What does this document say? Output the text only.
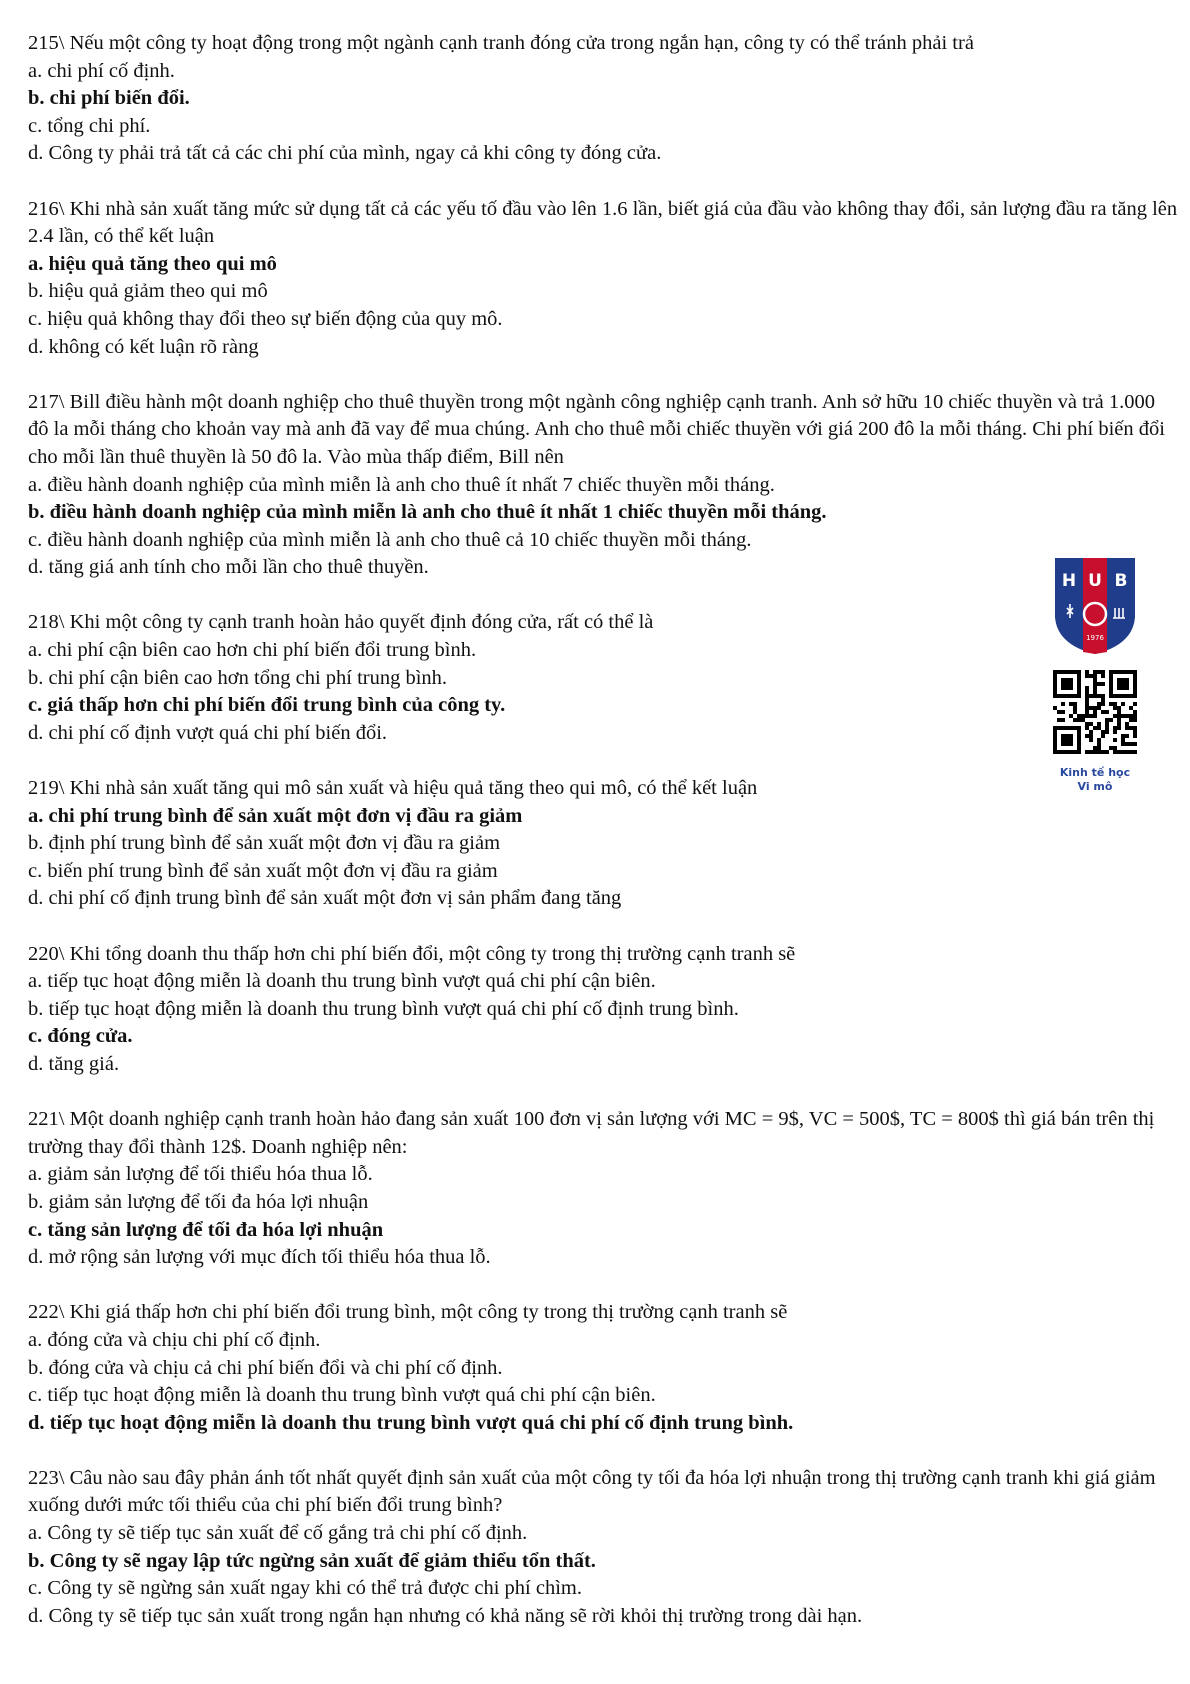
215\ Nếu một công ty hoạt động trong một ngành cạnh tranh đóng cửa trong ngắn hạn, công ty có thể tránh phải trả

a. chi phí cố định.

b. chi phí biến đổi.

c. tổng chi phí.

d. Công ty phải trả tất cả các chi phí của mình, ngay cả khi công ty đóng cửa.

216\ Khi nhà sản xuất tăng mức sử dụng tất cả các yếu tố đầu vào lên 1.6 lần, biết giá của đầu vào không thay đổi, sản lượng đầu ra tăng lên 2.4 lần, có thể kết luận

a. hiệu quả tăng theo qui mô

b. hiệu quả giảm theo qui mô

c. hiệu quả không thay đổi theo sự biến động của quy mô.

d. không có kết luận rõ ràng

217\ Bill điều hành một doanh nghiệp cho thuê thuyền trong một ngành công nghiệp cạnh tranh. Anh sở hữu 10 chiếc thuyền và trả 1.000 đô la mỗi tháng cho khoản vay mà anh đã vay để mua chúng. Anh cho thuê mỗi chiếc thuyền với giá 200 đô la mỗi tháng. Chi phí biến đổi cho mỗi lần thuê thuyền là 50 đô la. Vào mùa thấp điểm, Bill nên

a. điều hành doanh nghiệp của mình miễn là anh cho thuê ít nhất 7 chiếc thuyền mỗi tháng.

b. điều hành doanh nghiệp của mình miễn là anh cho thuê ít nhất 1 chiếc thuyền mỗi tháng.

c. điều hành doanh nghiệp của mình miễn là anh cho thuê cả 10 chiếc thuyền mỗi tháng.

d. tăng giá anh tính cho mỗi lần cho thuê thuyền.

218\ Khi một công ty cạnh tranh hoàn hảo quyết định đóng cửa, rất có thể là

a. chi phí cận biên cao hơn chi phí biến đổi trung bình.

b. chi phí cận biên cao hơn tổng chi phí trung bình.

c. giá thấp hơn chi phí biến đổi trung bình của công ty.

d. chi phí cố định vượt quá chi phí biến đổi.

219\ Khi nhà sản xuất tăng qui mô sản xuất và hiệu quả tăng theo qui mô, có thể kết luận

a. chi phí trung bình để sản xuất một đơn vị đầu ra giảm

b. định phí trung bình để sản xuất một đơn vị đầu ra giảm

c. biến phí trung bình để sản xuất một đơn vị đầu ra giảm

d. chi phí cố định trung bình để sản xuất một đơn vị sản phẩm đang tăng

220\ Khi tổng doanh thu thấp hơn chi phí biến đổi, một công ty trong thị trường cạnh tranh sẽ

a. tiếp tục hoạt động miễn là doanh thu trung bình vượt quá chi phí cận biên.

b. tiếp tục hoạt động miễn là doanh thu trung bình vượt quá chi phí cố định trung bình.

c. đóng cửa.

d. tăng giá.

221\ Một doanh nghiệp cạnh tranh hoàn hảo đang sản xuất 100 đơn vị sản lượng với MC = 9$, VC = 500$, TC = 800$ thì giá bán trên thị trường thay đổi thành 12$. Doanh nghiệp nên:

a. giảm sản lượng để tối thiểu hóa thua lỗ.

b. giảm sản lượng để tối đa hóa lợi nhuận

c. tăng sản lượng để tối đa hóa lợi nhuận

d. mở rộng sản lượng với mục đích tối thiểu hóa thua lỗ.

222\ Khi giá thấp hơn chi phí biến đổi trung bình, một công ty trong thị trường cạnh tranh sẽ

a. đóng cửa và chịu chi phí cố định.

b. đóng cửa và chịu cả chi phí biến đổi và chi phí cố định.

c. tiếp tục hoạt động miễn là doanh thu trung bình vượt quá chi phí cận biên.

d. tiếp tục hoạt động miễn là doanh thu trung bình vượt quá chi phí cố định trung bình.

223\ Câu nào sau đây phản ánh tốt nhất quyết định sản xuất của một công ty tối đa hóa lợi nhuận trong thị trường cạnh tranh khi giá giảm xuống dưới mức tối thiểu của chi phí biến đổi trung bình?

a. Công ty sẽ tiếp tục sản xuất để cố gắng trả chi phí cố định.

b. Công ty sẽ ngay lập tức ngừng sản xuất để giảm thiểu tổn thất.

c. Công ty sẽ ngừng sản xuất ngay khi có thể trả được chi phí chìm.

d. Công ty sẽ tiếp tục sản xuất trong ngắn hạn nhưng có khả năng sẽ rời khỏi thị trường trong dài hạn.

H U B
1976

Kinh tế học

Vi mô
